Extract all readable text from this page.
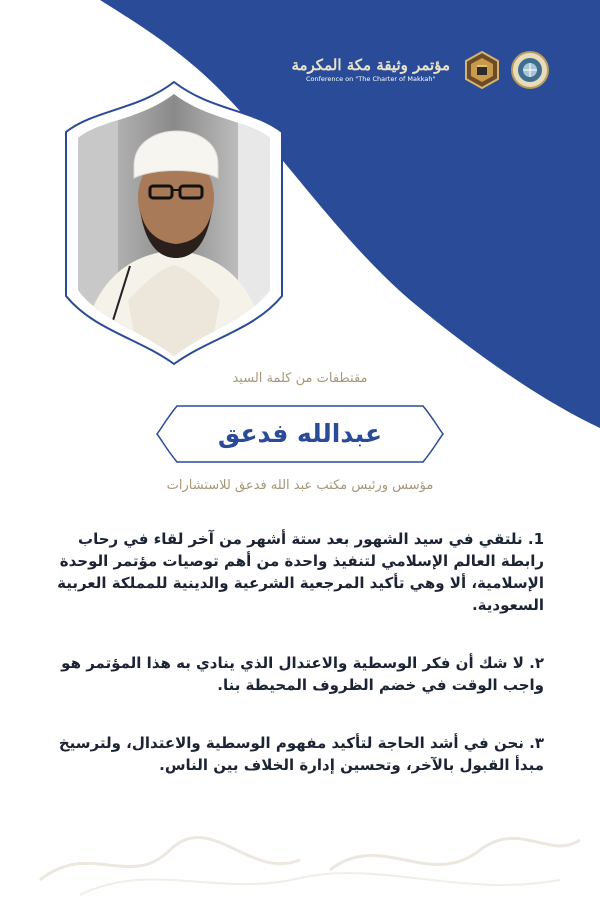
مؤتمر وثيقة مكة المكرمة
Conference on "The Charter of Makkah"
مقتطفات من كلمة السيد
عبدالله فدعق
مؤسس ورئيس مكتب عبد الله فدعق للاستشارات
1. نلتقي في سيد الشهور بعد ستة أشهر من آخر لقاء في رحاب رابطة العالم الإسلامي لتنفيذ واحدة من أهم توصيات مؤتمر الوحدة الإسلامية، ألا وهي تأكيد المرجعية الشرعية والدينية للمملكة العربية السعودية.
٢. لا شك أن فكر الوسطية والاعتدال الذي ينادي به هذا المؤتمر هو واجب الوقت في خضم الظروف المحيطة بنا.
٣. نحن في أشد الحاجة لتأكيد مفهوم الوسطية والاعتدال، ولترسيخ مبدأ القبول بالآخر، وتحسين إدارة الخلاف بين الناس.
